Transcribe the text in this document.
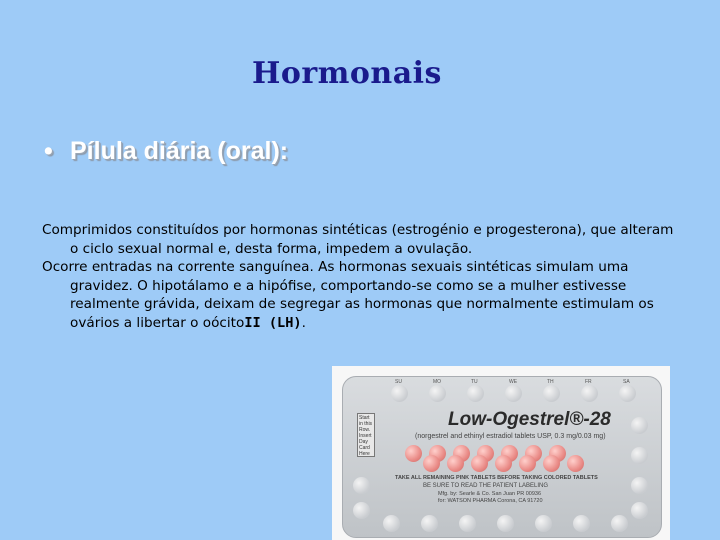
Hormonais
• Pílula diária (oral):

Comprimidos constituídos por hormonas sintéticas (estrogénio e progesterona), que alteram o ciclo sexual normal e, desta forma, impedem a ovulação.

Ocorre entradas na corrente sanguínea. As hormonas sexuais sintéticas simulam uma gravidez. O hipotálamo e a hipófise, comportando-se como se a mulher estivesse realmente grávida, deixam de segregar as hormonas que normalmente estimulam os ovários a libertar o oócitoII (LH).

Start in this Row. Insert Day Card Here
Low-Ogestrel®-28
(norgestrel and ethinyl estradiol tablets USP, 0.3 mg/0.03 mg)
TAKE ALL REMAINING PINK TABLETS BEFORE TAKING COLORED TABLETS
BE SURE TO READ THE PATIENT LABELING
Mfg. by: Searle & Co. San Juan PR 00936
for: WATSON PHARMA Corona, CA 91720
SU	MO	TU	WE	TH	FR	SA
